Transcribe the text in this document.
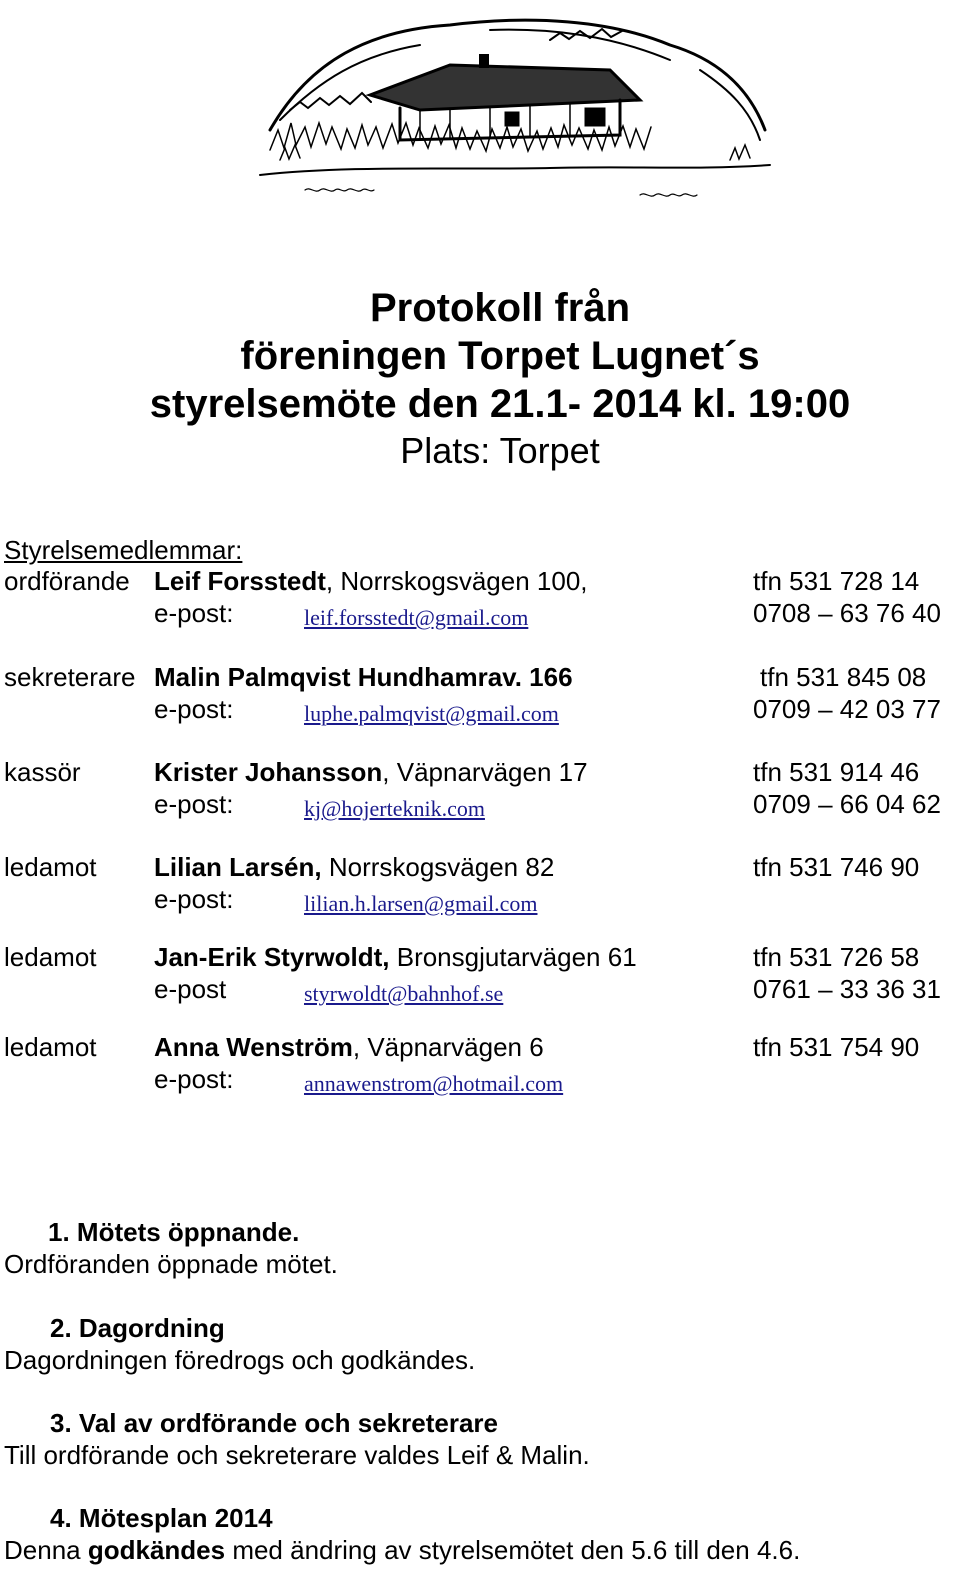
Protokoll från
föreningen Torpet Lugnet´s
styrelsemöte den 21.1- 2014 kl. 19:00
Plats: Torpet
Styrelsemedlemmar:
ordförande Leif Forsstedt, Norrskogsvägen 100,	tfn 531 728 14
e-post:	leif.forsstedt@gmail.com	0708 – 63 76 40
sekreterare Malin Palmqvist Hundhamrav. 166	tfn 531 845 08
e-post:	luphe.palmqvist@gmail.com	0709 – 42 03 77
kassör	Krister Johansson, Väpnarvägen 17	tfn 531 914 46
e-post:	kj@hojerteknik.com	0709 – 66 04 62
ledamot Lilian Larsén, Norrskogsvägen 82	tfn 531 746 90
e-post:	lilian.h.larsen@gmail.com
ledamot Jan-Erik Styrwoldt, Bronsgjutarvägen 61	tfn 531 726 58
e-post	styrwoldt@bahnhof.se	0761 – 33 36 31
ledamot Anna Wenström, Väpnarvägen 6	tfn 531 754 90
e-post:	annawenstrom@hotmail.com
1. Mötets öppnande.
Ordföranden öppnade mötet.
2. Dagordning
Dagordningen föredrogs och godkändes.
3. Val av ordförande och sekreterare
Till ordförande och sekreterare valdes Leif & Malin.
4. Mötesplan 2014
Denna godkändes med ändring av styrelsemötet den 5.6 till den 4.6.
